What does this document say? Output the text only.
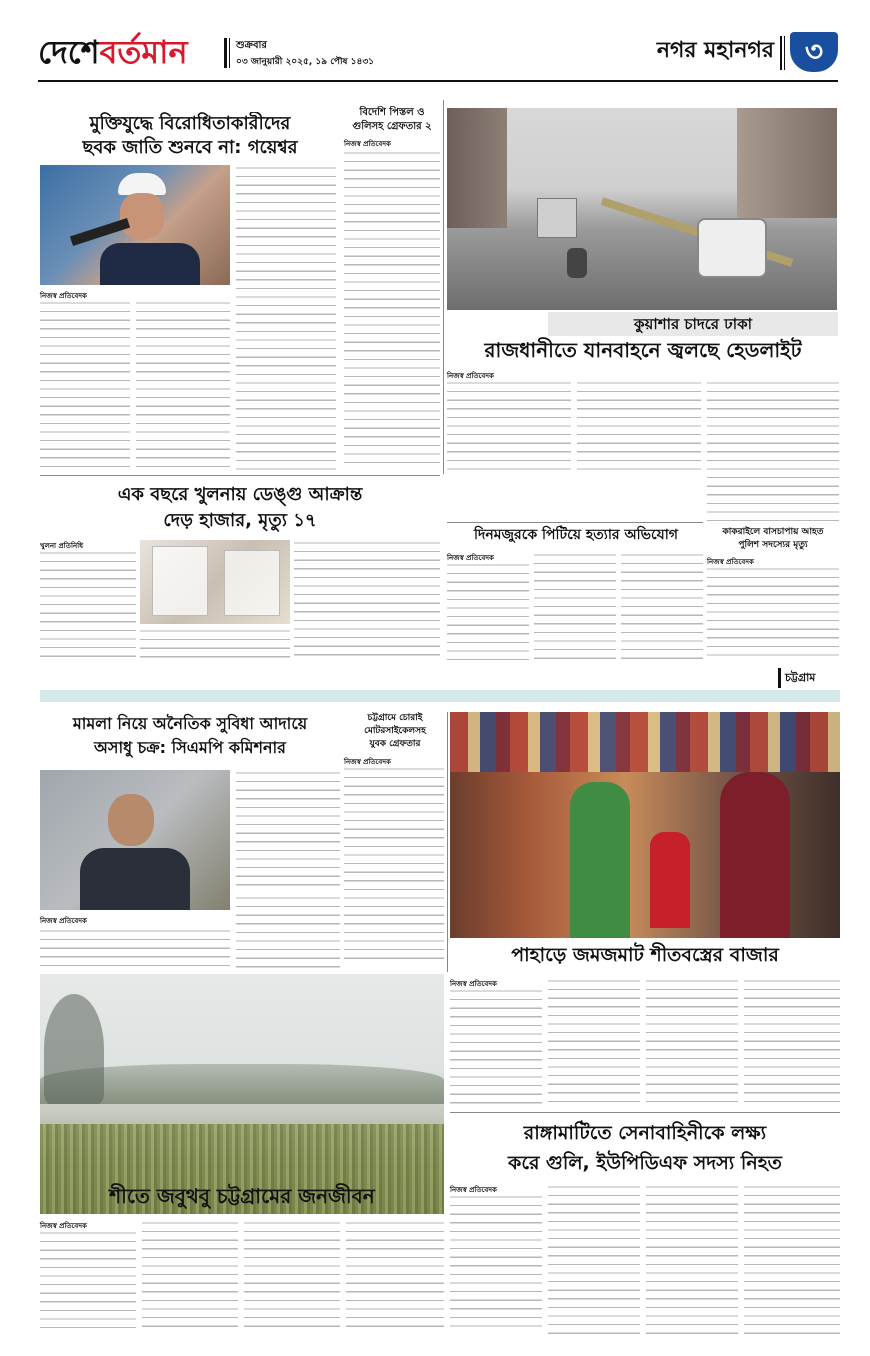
দেশেবর্তমান	শুক্রবার
০৩ জানুয়ারী ২০২৫, ১৯ পৌষ ১৪৩১	নগর মহানগর	৩
মুক্তিযুদ্ধে বিরোধিতাকারীদের
ছবক জাতি শুনবে না: গয়েশ্বর
নিজস্ব প্রতিবেদক
বিদেশি পিস্তল ও
গুলিসহ গ্রেফতার ২
নিজস্ব প্রতিবেদক
কুয়াশার চাদরে ঢাকা
রাজধানীতে যানবাহনে জ্বলছে হেডলাইট
নিজস্ব প্রতিবেদক
এক বছরে খুলনায় ডেঙ্গু আক্রান্ত
দেড় হাজার, মৃত্যু ১৭
খুলনা প্রতিনিধি
দিনমজুরকে পিটিয়ে হত্যার অভিযোগ
নিজস্ব প্রতিবেদক
কাকরাইলে বাসচাপায় আহত
পুলিশ সদস্যের মৃত্যু
নিজস্ব প্রতিবেদক
চট্টগ্রাম
মামলা নিয়ে অনৈতিক সুবিধা আদায়ে
অসাধু চক্র: সিএমপি কমিশনার
নিজস্ব প্রতিবেদক
চট্টগ্রামে চোরাই
মোটরসাইকেলসহ
যুবক গ্রেফতার
নিজস্ব প্রতিবেদক
পাহাড়ে জমজমাট শীতবস্ত্রের বাজার
নিজস্ব প্রতিবেদক
শীতে জবুথবু চট্টগ্রামের জনজীবন
নিজস্ব প্রতিবেদক
রাঙ্গামাটিতে সেনাবাহিনীকে লক্ষ্য
করে গুলি, ইউপিডিএফ সদস্য নিহত
নিজস্ব প্রতিবেদক
